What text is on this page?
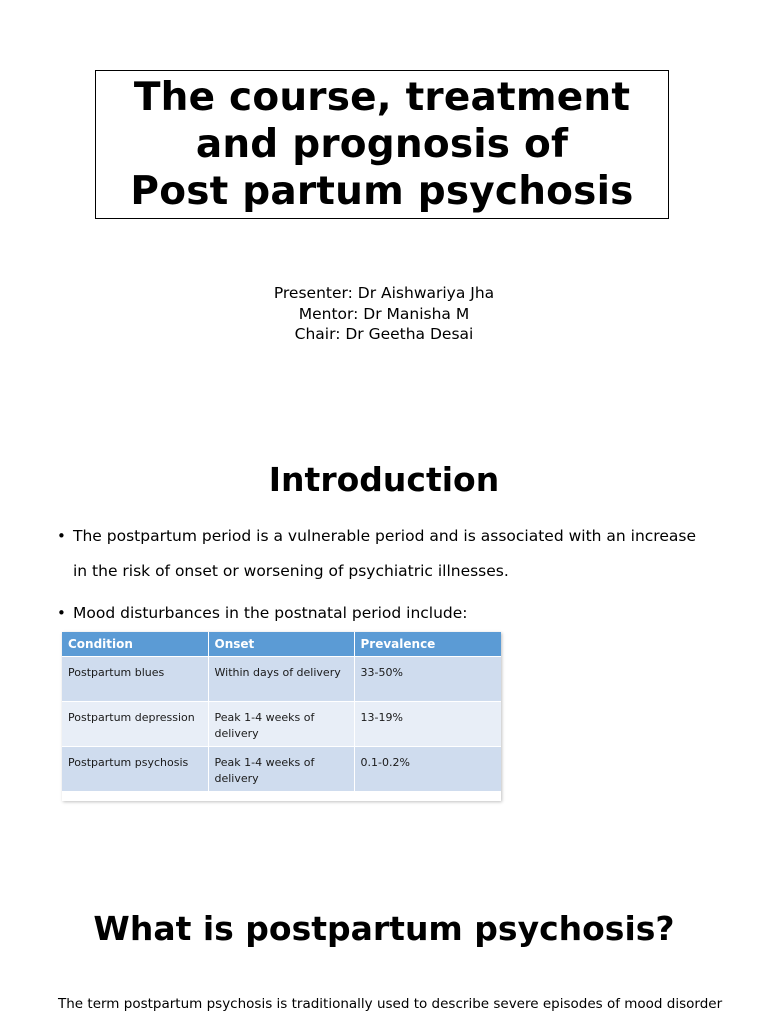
The course, treatment
and prognosis of
Post partum psychosis
Presenter: Dr Aishwariya Jha
Mentor: Dr Manisha M
Chair: Dr Geetha Desai
Introduction
• The postpartum period is a vulnerable period and is associated with an increase
in the risk of onset or worsening of psychiatric illnesses.
• Mood disturbances in the postnatal period include:
Condition	Onset	Prevalence
Postpartum blues	Within days of delivery	33-50%
Postpartum depression	Peak 1-4 weeks of delivery	13-19%
Postpartum psychosis	Peak 1-4 weeks of delivery	0.1-0.2%
What is postpartum psychosis?
The term postpartum psychosis is traditionally used to describe severe episodes of mood disorder
